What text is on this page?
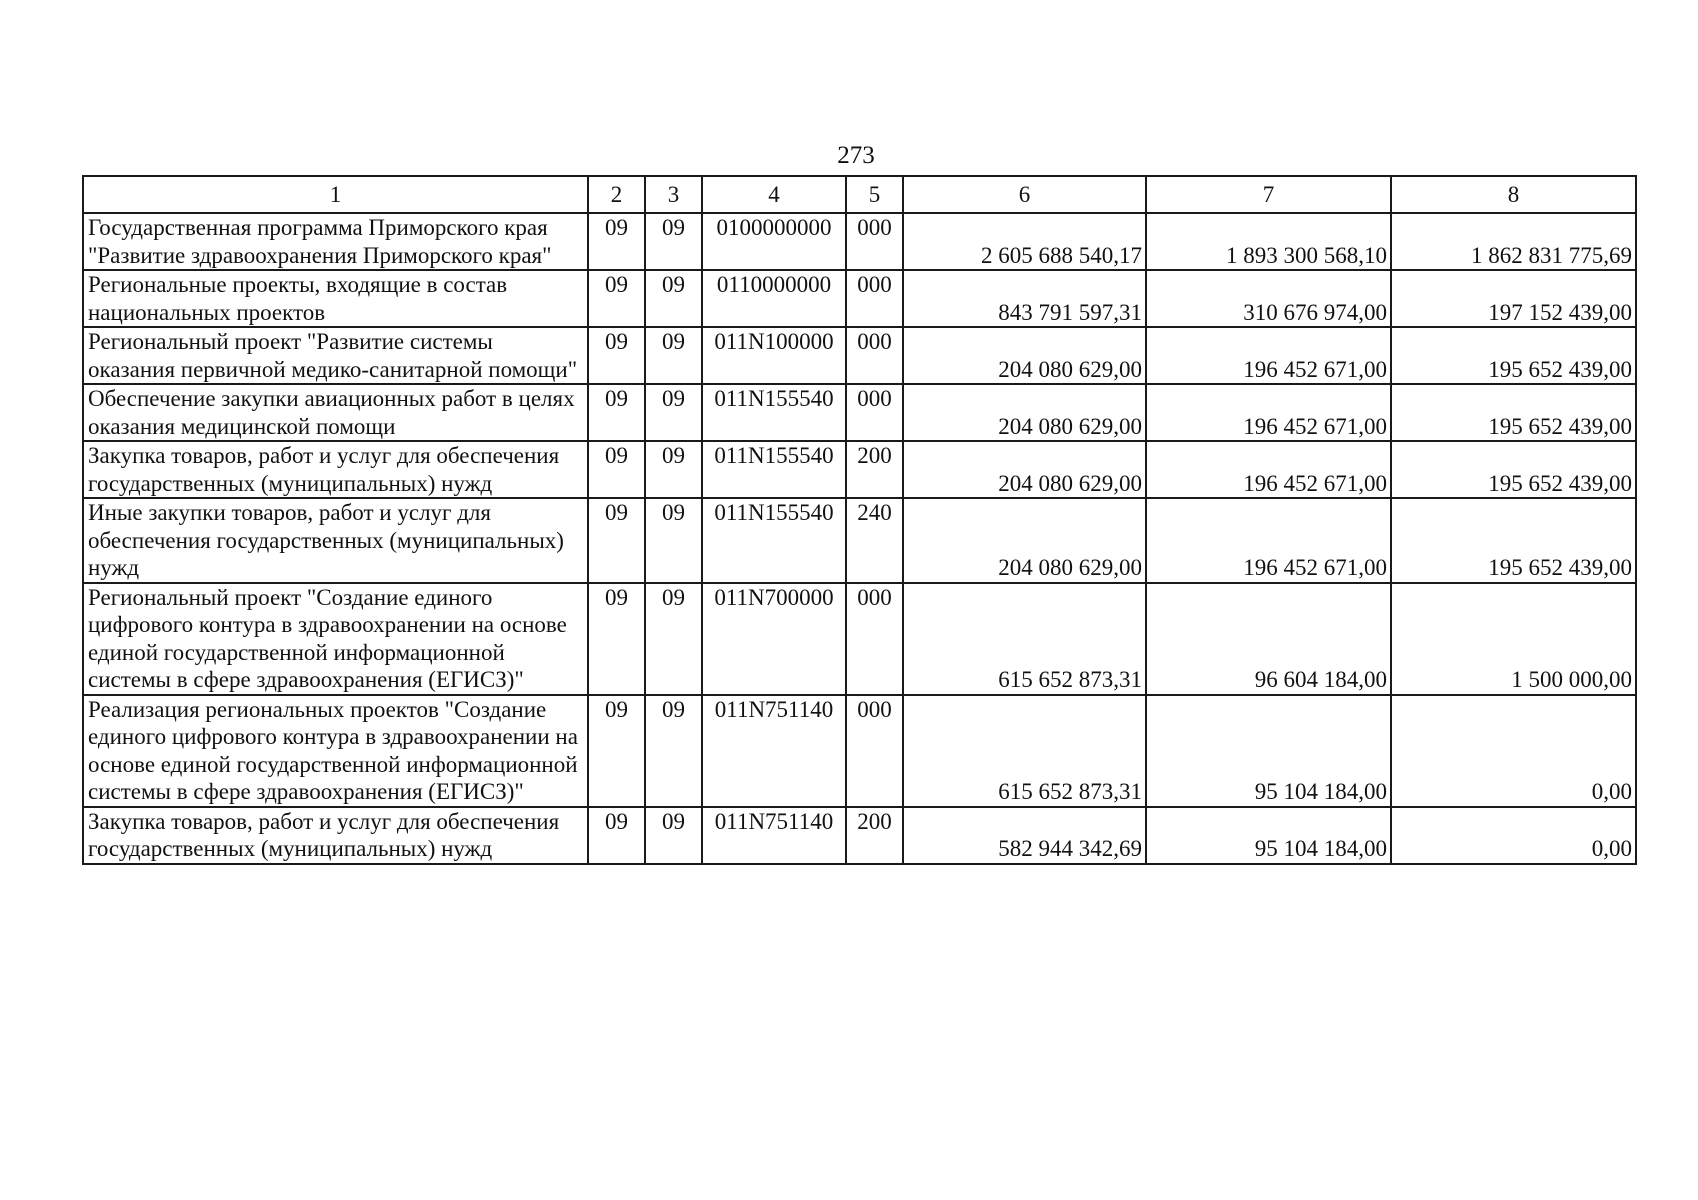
273
1	2	3	4	5	6	7	8
Государственная программа Приморского края "Развитие здравоохранения Приморского края"	09	09	0100000000	000	2 605 688 540,17	1 893 300 568,10	1 862 831 775,69
Региональные проекты, входящие в состав национальных проектов	09	09	0110000000	000	843 791 597,31	310 676 974,00	197 152 439,00
Региональный проект "Развитие системы оказания первичной медико-санитарной помощи"	09	09	011N100000	000	204 080 629,00	196 452 671,00	195 652 439,00
Обеспечение закупки авиационных работ в целях оказания медицинской помощи	09	09	011N155540	000	204 080 629,00	196 452 671,00	195 652 439,00
Закупка товаров, работ и услуг для обеспечения государственных (муниципальных) нужд	09	09	011N155540	200	204 080 629,00	196 452 671,00	195 652 439,00
Иные закупки товаров, работ и услуг для обеспечения государственных (муниципальных) нужд	09	09	011N155540	240	204 080 629,00	196 452 671,00	195 652 439,00
Региональный проект "Создание единого цифрового контура в здравоохранении на основе единой государственной информационной системы в сфере здравоохранения (ЕГИСЗ)"	09	09	011N700000	000	615 652 873,31	96 604 184,00	1 500 000,00
Реализация региональных проектов "Создание единого цифрового контура в здравоохранении на основе единой государственной информационной системы в сфере здравоохранения (ЕГИСЗ)"	09	09	011N751140	000	615 652 873,31	95 104 184,00	0,00
Закупка товаров, работ и услуг для обеспечения государственных (муниципальных) нужд	09	09	011N751140	200	582 944 342,69	95 104 184,00	0,00
